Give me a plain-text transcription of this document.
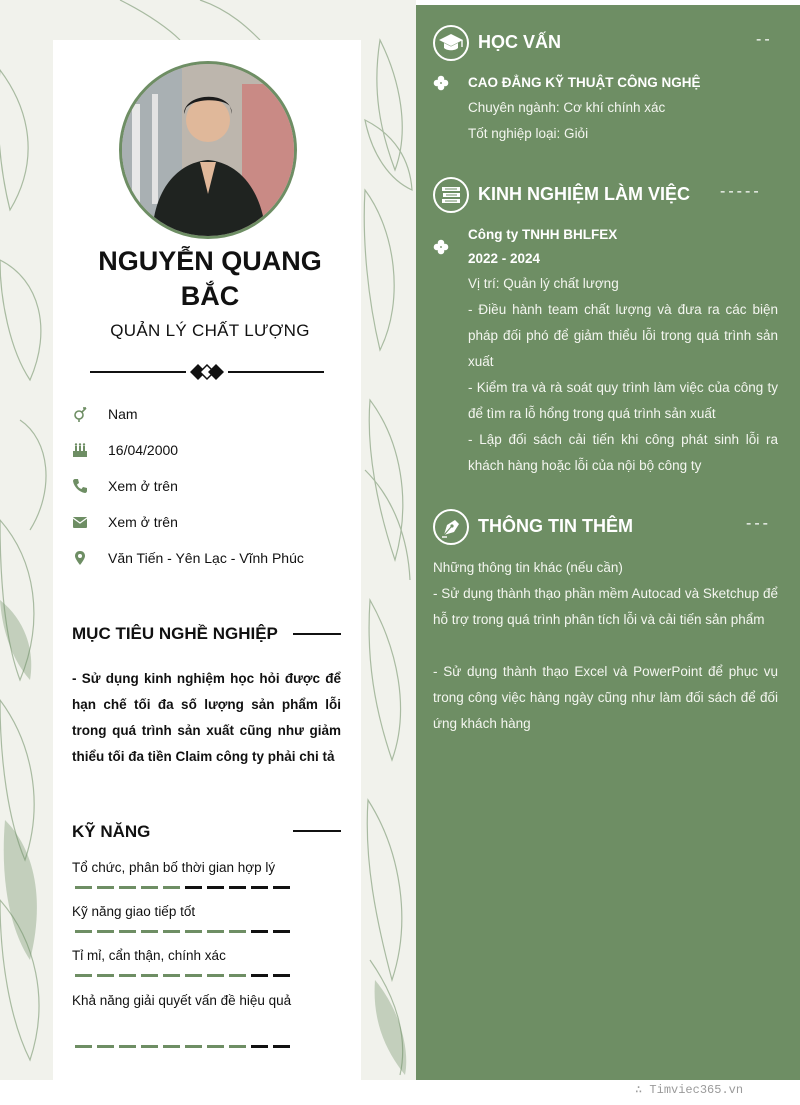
NGUYỄN QUANG
BẮC
QUẢN LÝ CHẤT LƯỢNG
Nam
16/04/2000
Xem ở trên
Xem ở trên
Văn Tiến - Yên Lạc - Vĩnh Phúc
MỤC TIÊU NGHỀ NGHIỆP
- Sử dụng kinh nghiệm học hỏi được để hạn chế tối đa số lượng sản phẩm lỗi trong quá trình sản xuất cũng như giảm thiểu tối đa tiền Claim công ty phải chi tả
KỸ NĂNG
Tổ chức, phân bố thời gian hợp lý
Kỹ năng giao tiếp tốt
Tỉ mỉ, cẩn thận, chính xác
Khả năng giải quyết vấn đề hiệu quả
HỌC VẤN	--
CAO ĐẲNG KỸ THUẬT CÔNG NGHỆ
Chuyên ngành: Cơ khí chính xác
Tốt nghiệp loại: Giỏi
KINH NGHIỆM LÀM VIỆC -----
Công ty TNHH BHLFEX
2022 - 2024
Vị trí: Quản lý chất lượng
- Điều hành team chất lượng và đưa ra các biện pháp đối phó để giảm thiểu lỗi trong quá trình sản xuất
- Kiểm tra và rà soát quy trình làm việc của công ty để tìm ra lỗ hổng trong quá trình sản xuất
- Lập đối sách cải tiến khi công phát sinh lỗi ra khách hàng hoặc lỗi của nội bộ công ty
THÔNG TIN THÊM	---
Những thông tin khác (nếu cần)
- Sử dụng thành thạo phần mềm Autocad và Sketchup để hỗ trợ trong quá trình phân tích lỗi và cải tiến sản phẩm
- Sử dụng thành thạo Excel và PowerPoint để phục vụ trong công việc hàng ngày cũng như làm đối sách để đối ứng khách hàng
∴ Timviec365.vn
